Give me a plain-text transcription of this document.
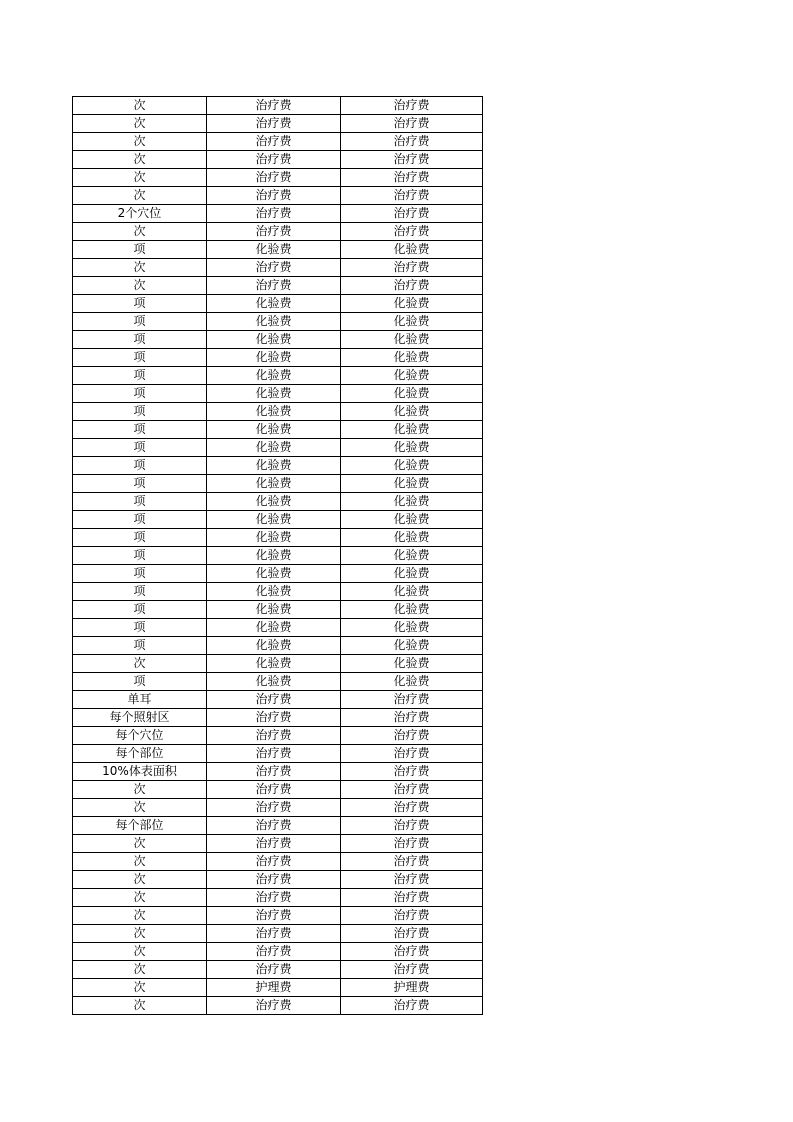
次	治疗费	治疗费
次	治疗费	治疗费
次	治疗费	治疗费
次	治疗费	治疗费
次	治疗费	治疗费
次	治疗费	治疗费
2个穴位	治疗费	治疗费
次	治疗费	治疗费
项	化验费	化验费
次	治疗费	治疗费
次	治疗费	治疗费
项	化验费	化验费
项	化验费	化验费
项	化验费	化验费
项	化验费	化验费
项	化验费	化验费
项	化验费	化验费
项	化验费	化验费
项	化验费	化验费
项	化验费	化验费
项	化验费	化验费
项	化验费	化验费
项	化验费	化验费
项	化验费	化验费
项	化验费	化验费
项	化验费	化验费
项	化验费	化验费
项	化验费	化验费
项	化验费	化验费
项	化验费	化验费
项	化验费	化验费
次	化验费	化验费
项	化验费	化验费
单耳	治疗费	治疗费
每个照射区	治疗费	治疗费
每个穴位	治疗费	治疗费
每个部位	治疗费	治疗费
10%体表面积	治疗费	治疗费
次	治疗费	治疗费
次	治疗费	治疗费
每个部位	治疗费	治疗费
次	治疗费	治疗费
次	治疗费	治疗费
次	治疗费	治疗费
次	治疗费	治疗费
次	治疗费	治疗费
次	治疗费	治疗费
次	治疗费	治疗费
次	治疗费	治疗费
次	护理费	护理费
次	治疗费	治疗费
